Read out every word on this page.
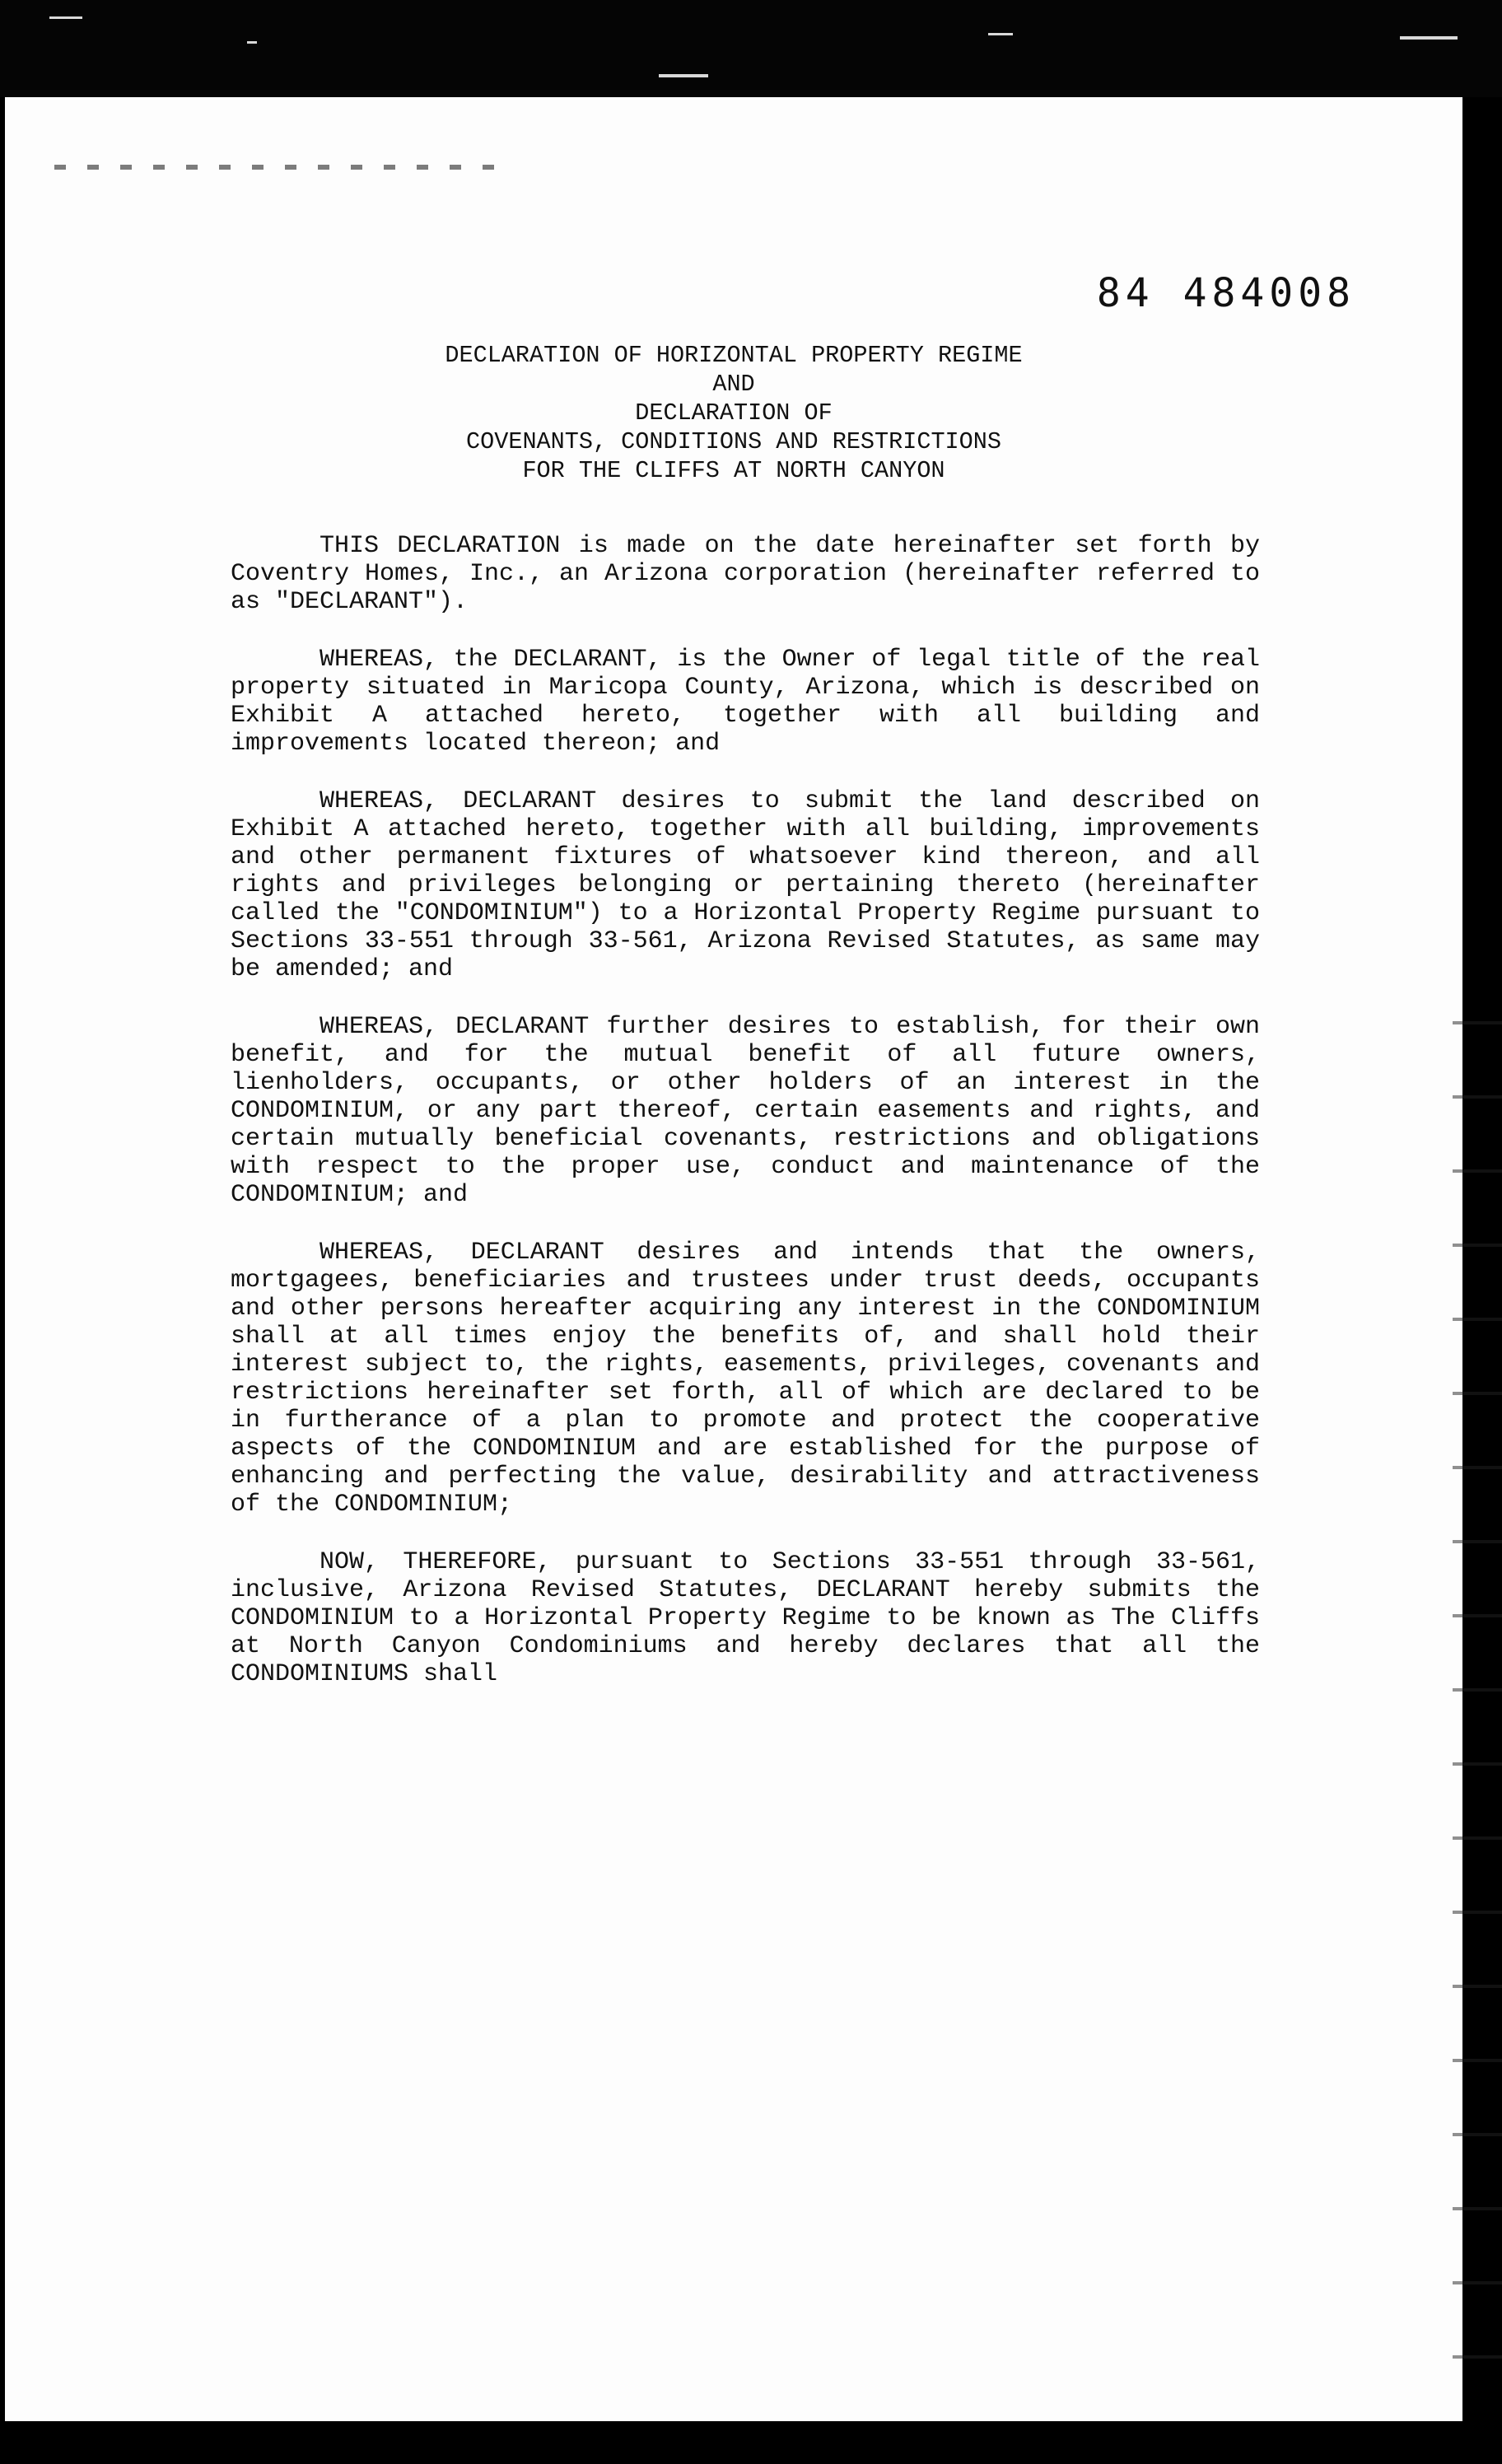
84 484008
DECLARATION OF HORIZONTAL PROPERTY REGIME
AND
DECLARATION OF
COVENANTS, CONDITIONS AND RESTRICTIONS
FOR THE CLIFFS AT NORTH CANYON

THIS DECLARATION is made on the date hereinafter set forth by Coventry Homes, Inc., an Arizona corporation (hereinafter referred to as "DECLARANT").

WHEREAS, the DECLARANT, is the Owner of legal title of the real property situated in Maricopa County, Arizona, which is described on Exhibit A attached hereto, together with all building and improvements located thereon; and

WHEREAS, DECLARANT desires to submit the land described on Exhibit A attached hereto, together with all building, improvements and other permanent fixtures of whatsoever kind thereon, and all rights and privileges belonging or pertaining thereto (hereinafter called the "CONDOMINIUM") to a Horizontal Property Regime pursuant to Sections 33-551 through 33-561, Arizona Revised Statutes, as same may be amended; and

WHEREAS, DECLARANT further desires to establish, for their own benefit, and for the mutual benefit of all future owners, lienholders, occupants, or other holders of an interest in the CONDOMINIUM, or any part thereof, certain easements and rights, and certain mutually beneficial covenants, restrictions and obligations with respect to the proper use, conduct and maintenance of the CONDOMINIUM; and

WHEREAS, DECLARANT desires and intends that the owners, mortgagees, beneficiaries and trustees under trust deeds, occupants and other persons hereafter acquiring any interest in the CONDOMINIUM shall at all times enjoy the benefits of, and shall hold their interest subject to, the rights, easements, privileges, covenants and restrictions hereinafter set forth, all of which are declared to be in furtherance of a plan to promote and protect the cooperative aspects of the CONDOMINIUM and are established for the purpose of enhancing and perfecting the value, desirability and attractiveness of the CONDOMINIUM;

NOW, THEREFORE, pursuant to Sections 33-551 through 33-561, inclusive, Arizona Revised Statutes, DECLARANT hereby submits the CONDOMINIUM to a Horizontal Property Regime to be known as The Cliffs at North Canyon Condominiums and hereby declares that all the CONDOMINIUMS shall
